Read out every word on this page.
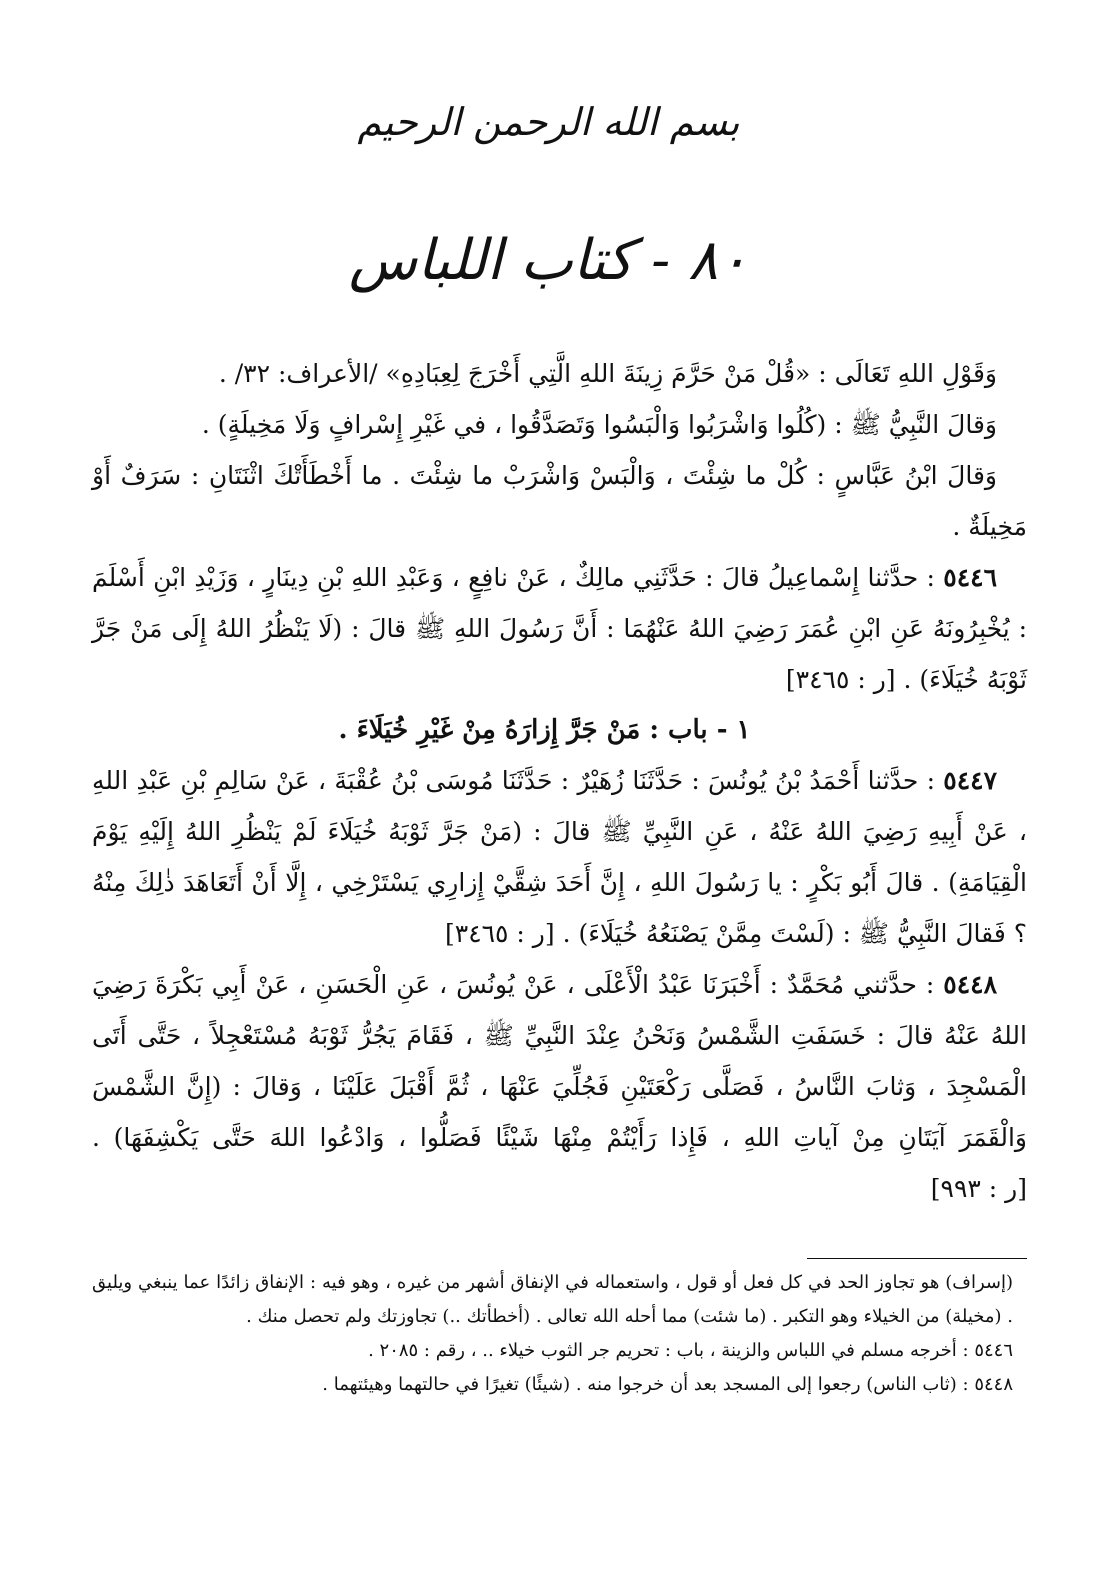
بسم الله الرحمن الرحيم
٨٠ - كتاب اللباس

وَقَوْلِ اللهِ تَعَالَى : «قُلْ مَنْ حَرَّمَ زِينَةَ اللهِ الَّتِي أَخْرَجَ لِعِبَادِهِ» /الأعراف: ٣٢/ .

وَقالَ النَّبِيُّ ﷺ : (كُلُوا وَاشْرَبُوا وَالْبَسُوا وَتَصَدَّقُوا ، في غَيْرِ إِسْرافٍ وَلَا مَخِيلَةٍ) .

وَقالَ ابْنُ عَبَّاسٍ : كُلْ ما شِئْتَ ، وَالْبَسْ وَاشْرَبْ ما شِئْتَ . ما أَخْطَأَتْكَ اثْنَتَانِ : سَرَفٌ أَوْ مَخِيلَةٌ .

٥٤٤٦ : حدَّثنا إِسْماعِيلُ قالَ : حَدَّثَنِي مالِكٌ ، عَنْ نافِعٍ ، وَعَبْدِ اللهِ بْنِ دِينَارٍ ، وَزَيْدِ ابْنِ أَسْلَمَ : يُخْبِرُونَهُ عَنِ ابْنِ عُمَرَ رَضِيَ اللهُ عَنْهُمَا : أَنَّ رَسُولَ اللهِ ﷺ قالَ : (لَا يَنْظُرُ اللهُ إِلَى مَنْ جَرَّ ثَوْبَهُ خُيَلَاءَ) . [ر : ٣٤٦٥]

١ - باب : مَنْ جَرَّ إِزارَهُ مِنْ غَيْرِ خُيَلَاءَ .

٥٤٤٧ : حدَّثنا أَحْمَدُ بْنُ يُونُسَ : حَدَّثَنَا زُهَيْرٌ : حَدَّثَنَا مُوسَى بْنُ عُقْبَةَ ، عَنْ سَالِمِ بْنِ عَبْدِ اللهِ ، عَنْ أَبِيهِ رَضِيَ اللهُ عَنْهُ ، عَنِ النَّبِيِّ ﷺ قالَ : (مَنْ جَرَّ ثَوْبَهُ خُيَلَاءَ لَمْ يَنْظُرِ اللهُ إِلَيْهِ يَوْمَ الْقِيَامَةِ) . قالَ أَبُو بَكْرٍ : يا رَسُولَ اللهِ ، إِنَّ أَحَدَ شِقَّيْ إِزارِي يَسْتَرْخِي ، إِلَّا أَنْ أَتَعَاهَدَ ذٰلِكَ مِنْهُ ؟ فَقالَ النَّبِيُّ ﷺ : (لَسْتَ مِمَّنْ يَصْنَعُهُ خُيَلَاءَ) . [ر : ٣٤٦٥]

٥٤٤٨ : حدَّثني مُحَمَّدٌ : أَخْبَرَنَا عَبْدُ الْأَعْلَى ، عَنْ يُونُسَ ، عَنِ الْحَسَنِ ، عَنْ أَبِي بَكْرَةَ رَضِيَ اللهُ عَنْهُ قالَ : خَسَفَتِ الشَّمْسُ وَنَحْنُ عِنْدَ النَّبِيِّ ﷺ ، فَقَامَ يَجُرُّ ثَوْبَهُ مُسْتَعْجِلاً ، حَتَّى أَتَى الْمَسْجِدَ ، وَثابَ النَّاسُ ، فَصَلَّى رَكْعَتَيْنِ فَجُلِّيَ عَنْهَا ، ثُمَّ أَقْبَلَ عَلَيْنَا ، وَقالَ : (إِنَّ الشَّمْسَ وَالْقَمَرَ آيَتَانِ مِنْ آياتِ اللهِ ، فَإِذا رَأَيْتُمْ مِنْهَا شَيْئًا فَصَلُّوا ، وَادْعُوا اللهَ حَتَّى يَكْشِفَهَا) . [ر : ٩٩٣]

(إسراف) هو تجاوز الحد في كل فعل أو قول ، واستعماله في الإنفاق أشهر من غيره ، وهو فيه : الإنفاق زائدًا عما ينبغي ويليق . (مخيلة) من الخيلاء وهو التكبر . (ما شئت) مما أحله الله تعالى . (أخطأتك ..) تجاوزتك ولم تحصل منك .

٥٤٤٦ : أخرجه مسلم في اللباس والزينة ، باب : تحريم جر الثوب خيلاء .. ، رقم : ٢٠٨٥ .

٥٤٤٨ : (ثاب الناس) رجعوا إلى المسجد بعد أن خرجوا منه . (شيئًا) تغيرًا في حالتهما وهيئتهما .
